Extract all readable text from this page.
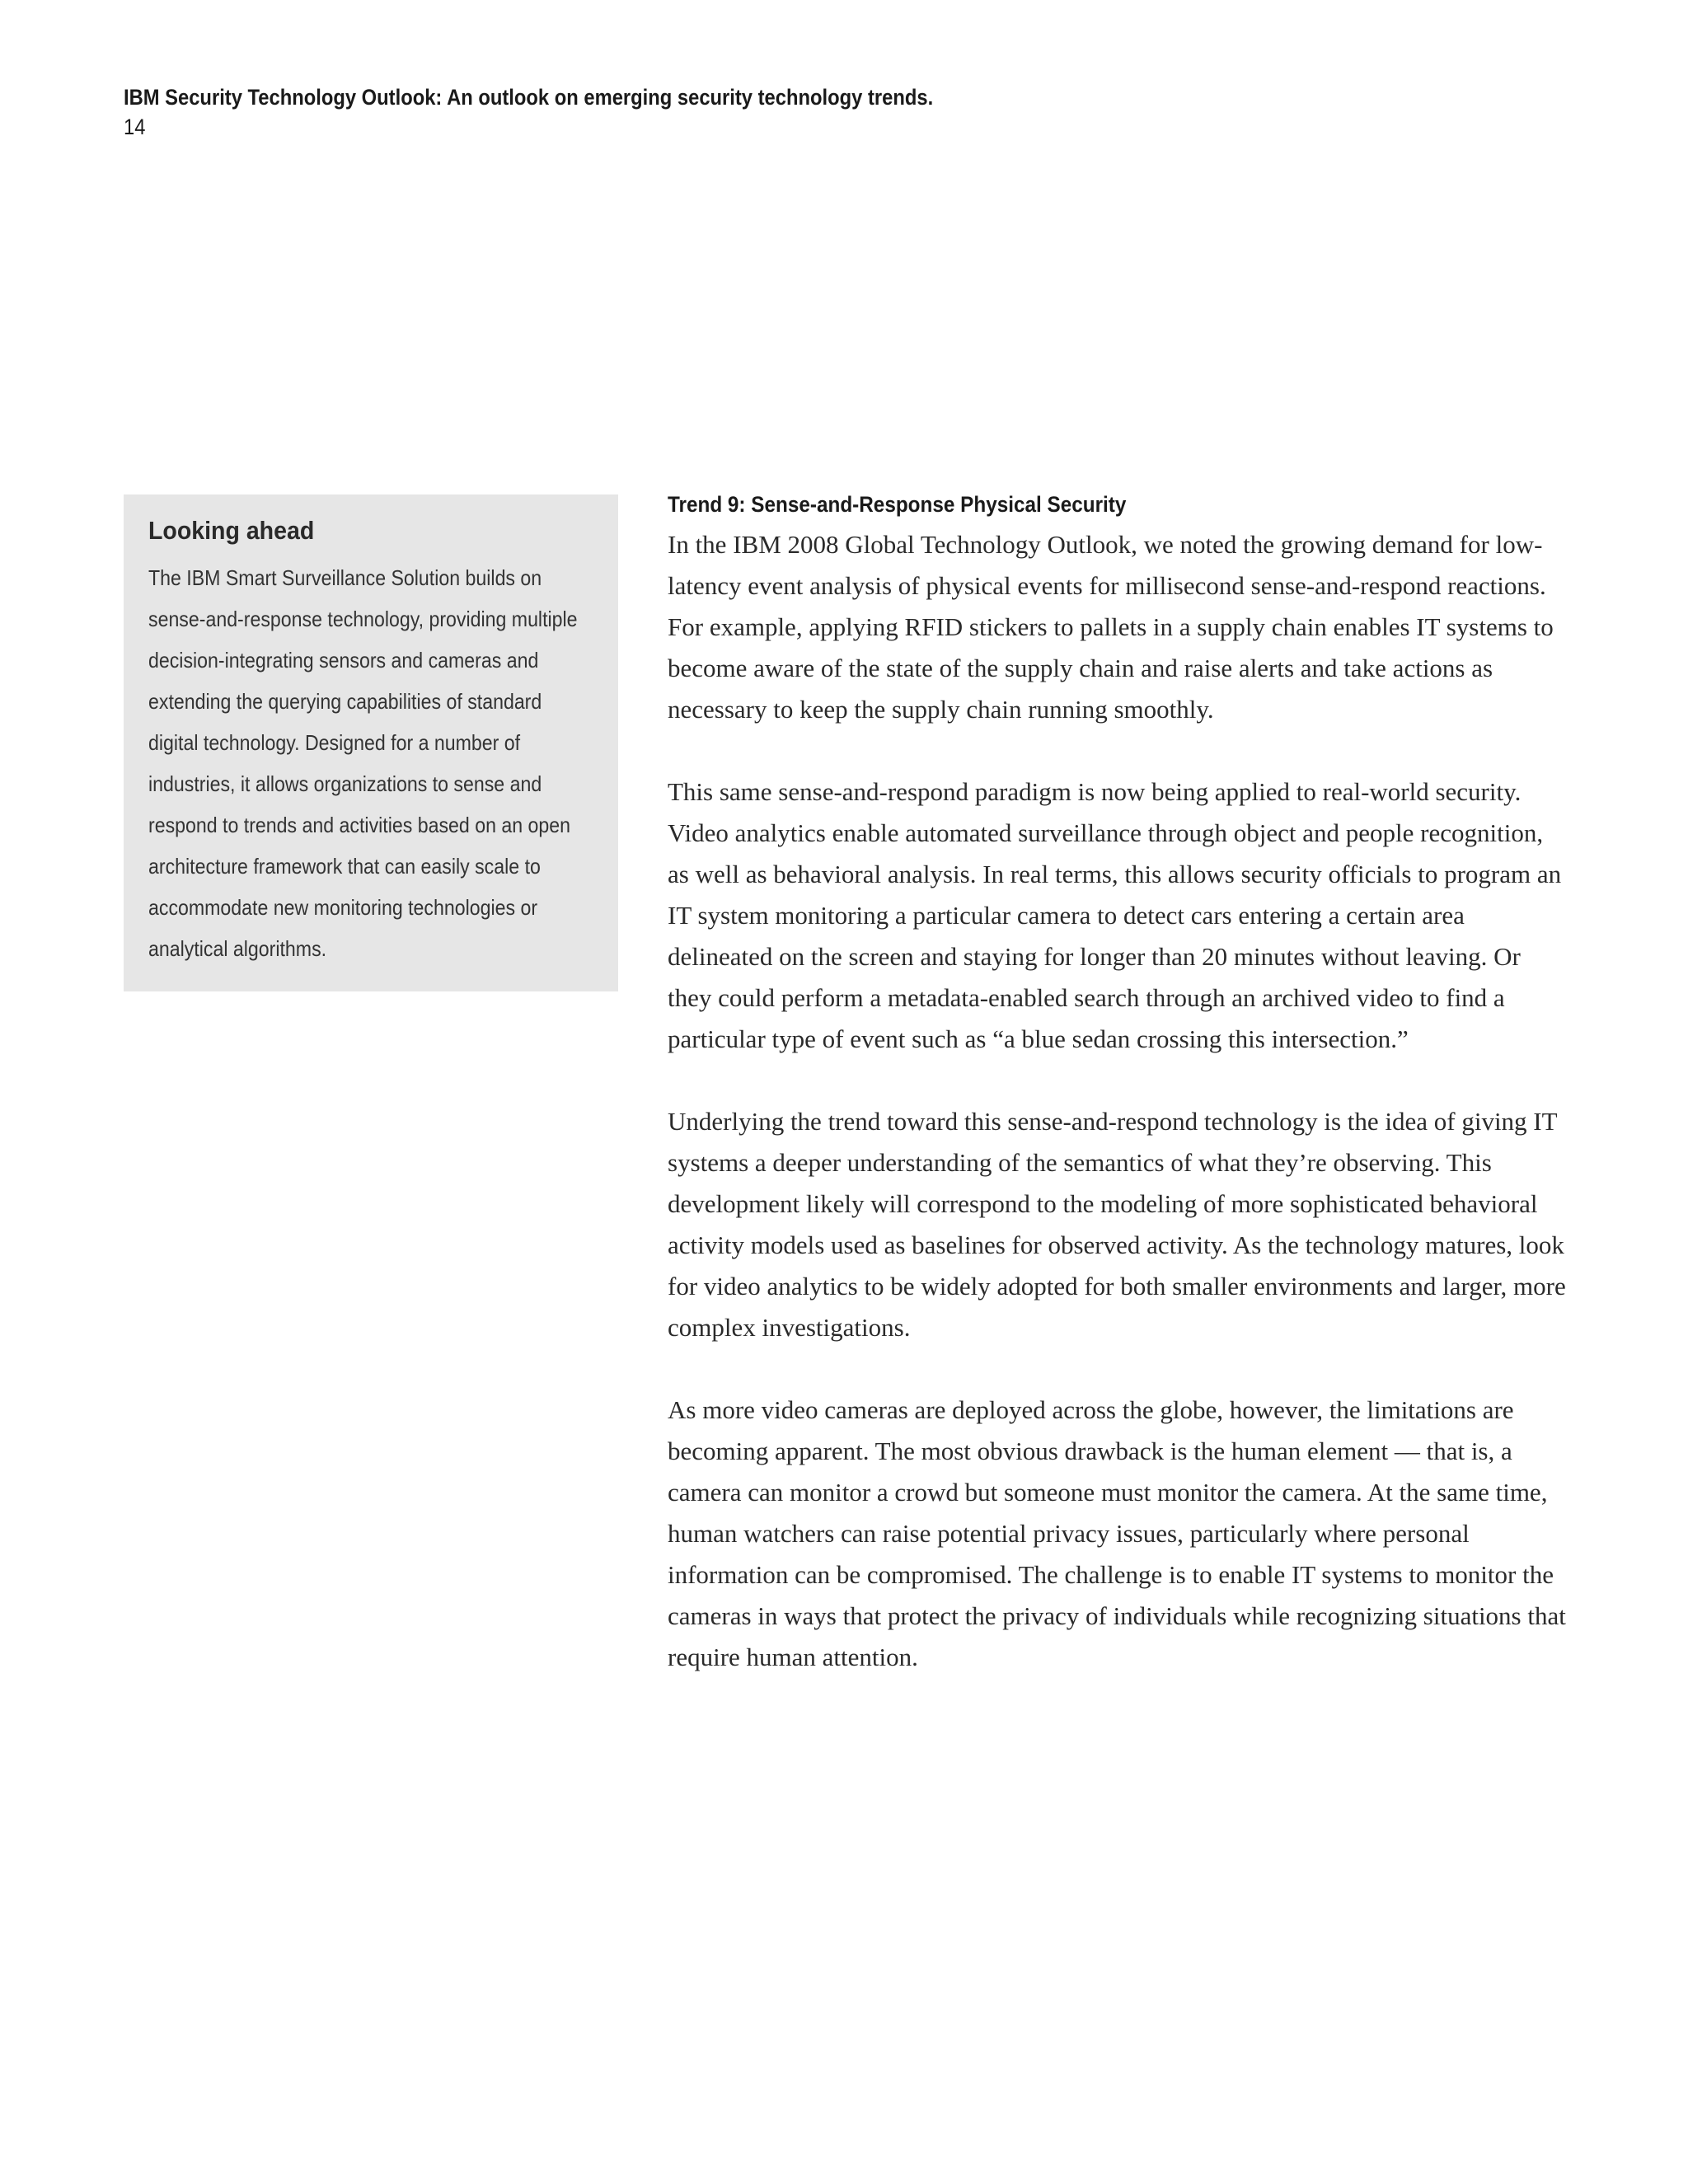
IBM Security Technology Outlook: An outlook on emerging security technology trends.
14
Looking ahead

The IBM Smart Surveillance Solution builds on sense-and-response technology, providing multiple decision-integrating sensors and cameras and extending the querying capabilities of standard digital technology. Designed for a number of industries, it allows organizations to sense and respond to trends and activities based on an open architecture framework that can easily scale to accommodate new monitoring technologies or analytical algorithms.

Trend 9: Sense-and-Response Physical Security

In the IBM 2008 Global Technology Outlook, we noted the growing demand for low-latency event analysis of physical events for millisecond sense-and-respond reactions. For example, applying RFID stickers to pallets in a supply chain enables IT systems to become aware of the state of the supply chain and raise alerts and take actions as necessary to keep the supply chain running smoothly.

This same sense-and-respond paradigm is now being applied to real-world security. Video analytics enable automated surveillance through object and people recognition, as well as behavioral analysis. In real terms, this allows security officials to program an IT system monitoring a particular camera to detect cars entering a certain area delineated on the screen and staying for longer than 20 minutes without leaving. Or they could perform a metadata-enabled search through an archived video to find a particular type of event such as “a blue sedan crossing this intersection.”

Underlying the trend toward this sense-and-respond technology is the idea of giving IT systems a deeper understanding of the semantics of what they’re observing. This development likely will correspond to the modeling of more sophisticated behavioral activity models used as baselines for observed activity. As the technology matures, look for video analytics to be widely adopted for both smaller environments and larger, more complex investigations.

As more video cameras are deployed across the globe, however, the limitations are becoming apparent. The most obvious drawback is the human element — that is, a camera can monitor a crowd but someone must monitor the camera. At the same time, human watchers can raise potential privacy issues, particularly where personal information can be compromised. The challenge is to enable IT systems to monitor the cameras in ways that protect the privacy of individuals while recognizing situations that require human attention.
